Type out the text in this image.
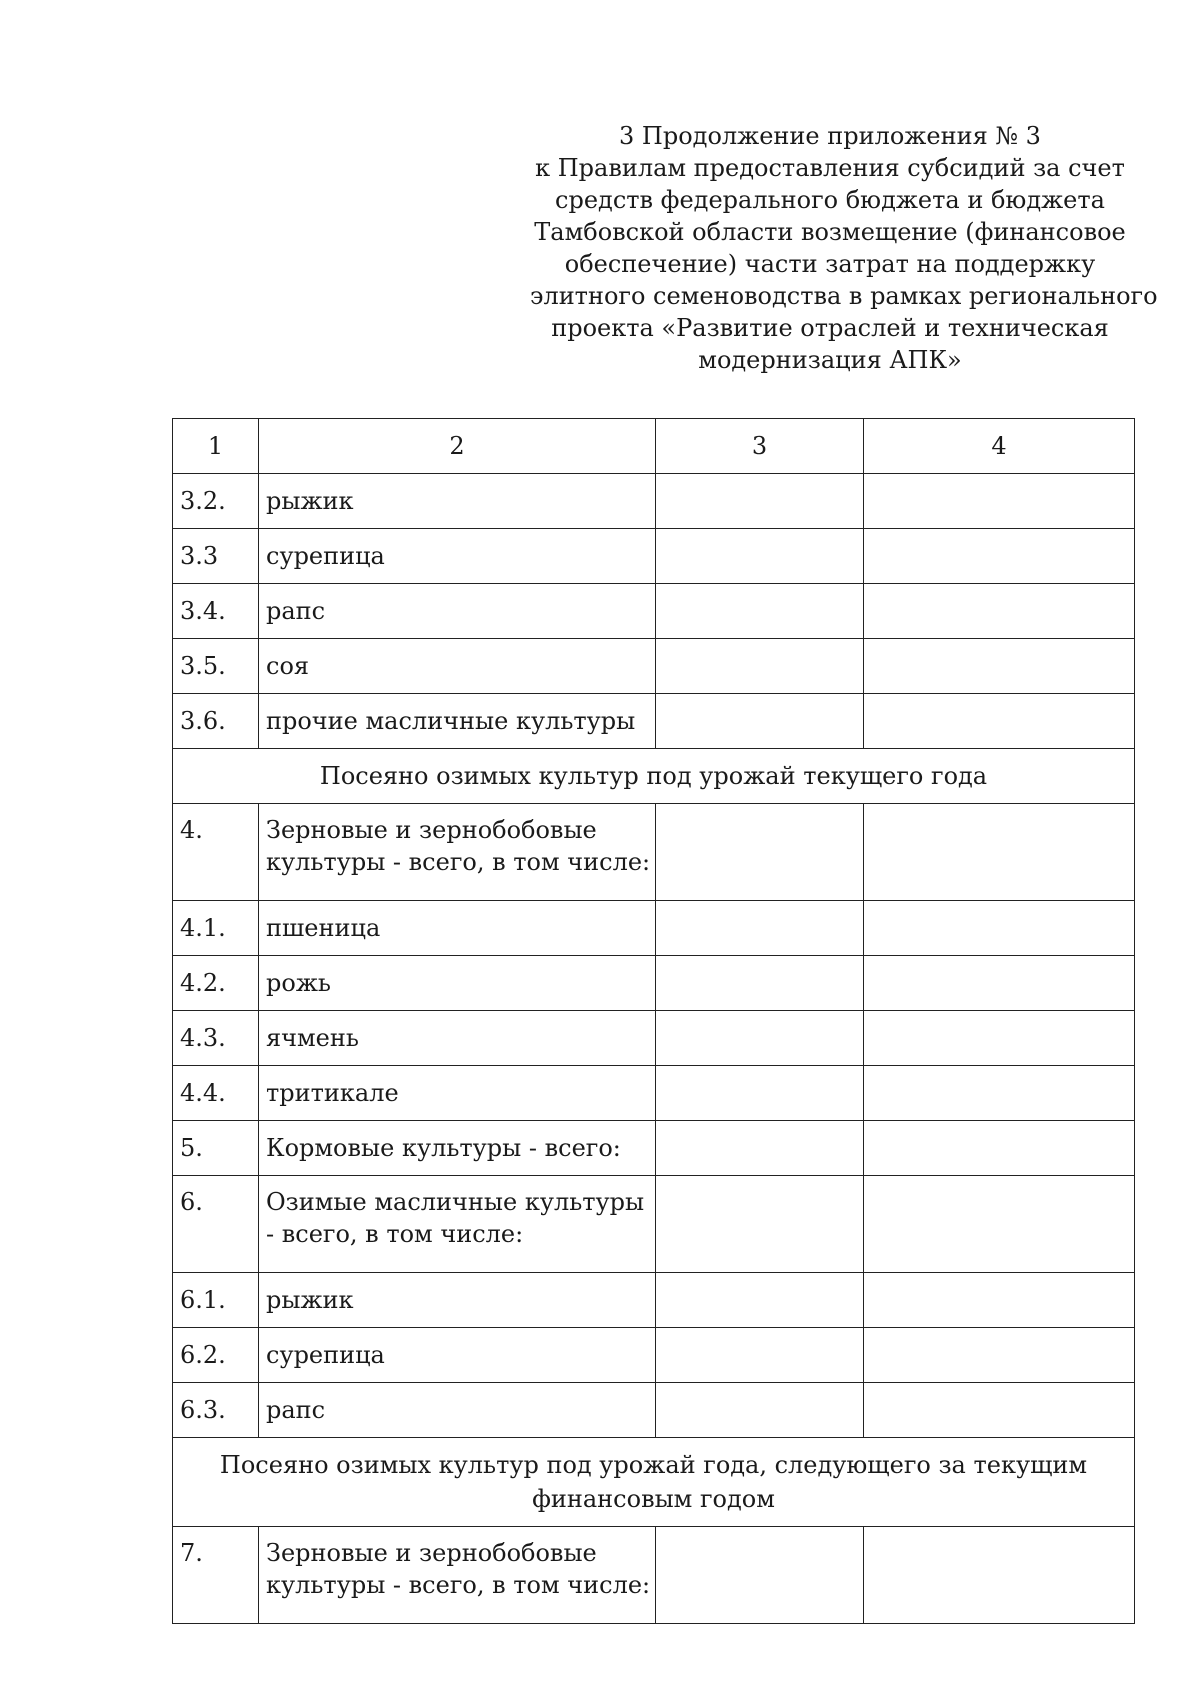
3 Продолжение приложения № 3
к Правилам предоставления субсидий за счет
средств федерального бюджета и бюджета
Тамбовской области возмещение (финансовое
обеспечение) части затрат на поддержку
элитного семеноводства в рамках регионального
проекта «Развитие отраслей и техническая
модернизация АПК»
1	2	3	4
3.2.	рыжик		
3.3	сурепица		
3.4.	рапс		
3.5.	соя		
3.6.	прочие масличные культуры		
Посеяно озимых культур под урожай текущего года			
4.	Зерновые и зернобобовые культуры - всего, в том числе:		
4.1.	пшеница		
4.2.	рожь		
4.3.	ячмень		
4.4.	тритикале		
5.	Кормовые культуры - всего:		
6.	Озимые масличные культуры - всего, в том числе:		
6.1.	рыжик		
6.2.	сурепица		
6.3.	рапс		
Посеяно озимых культур под урожай года, следующего за текущим финансовым годом			
7.	Зерновые и зернобобовые культуры - всего, в том числе:		
